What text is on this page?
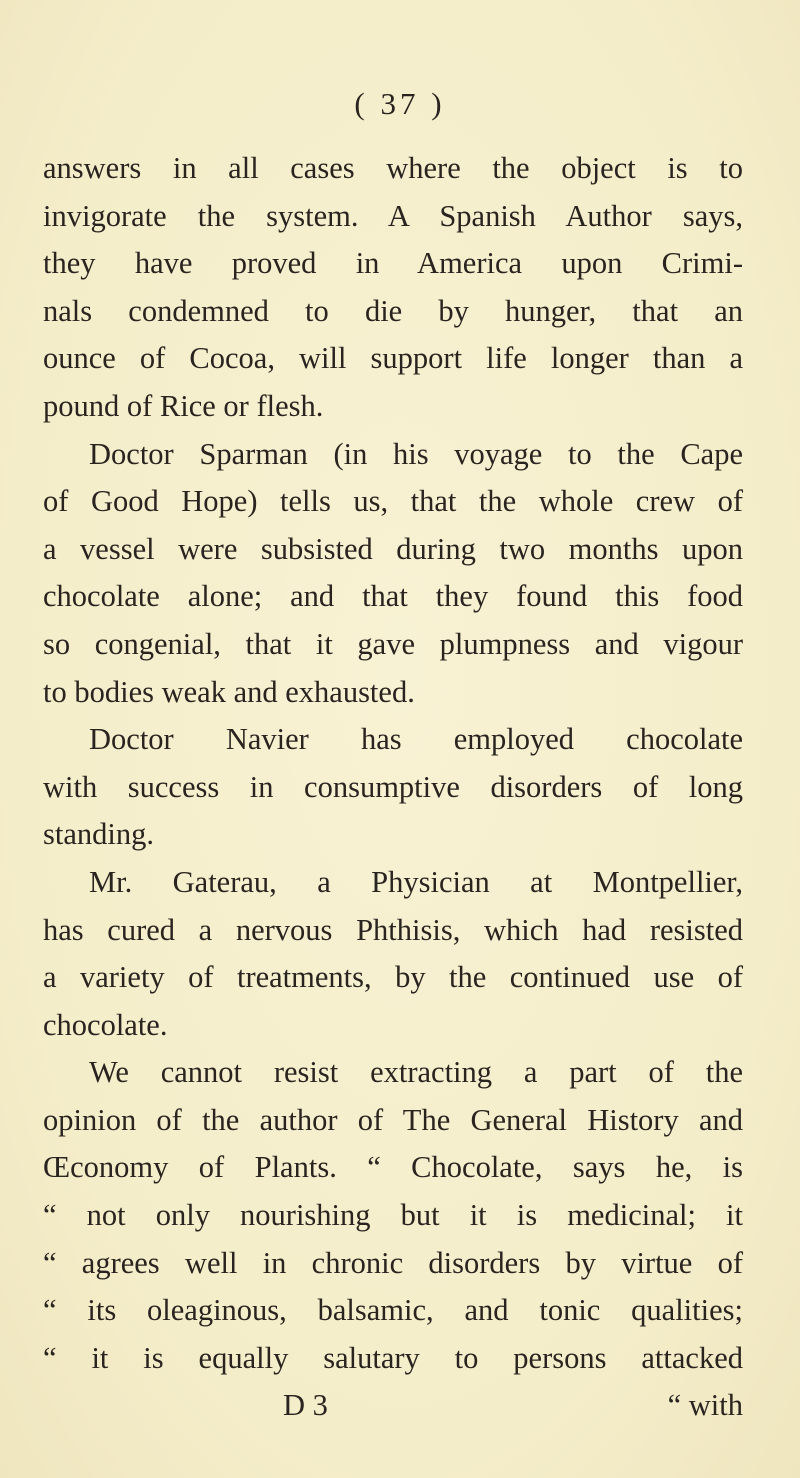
( 37 )
answers in all cases where the object is to
invigorate the system. A Spanish Author says,
they have proved in America upon Crimi-
nals condemned to die by hunger, that an
ounce of Cocoa, will support life longer than a
pound of Rice or flesh.
Doctor Sparman (in his voyage to the Cape
of Good Hope) tells us, that the whole crew of
a vessel were subsisted during two months upon
chocolate alone; and that they found this food
so congenial, that it gave plumpness and vigour
to bodies weak and exhausted.
Doctor Navier has employed chocolate
with success in consumptive disorders of long
standing.
Mr. Gaterau, a Physician at Montpellier,
has cured a nervous Phthisis, which had resisted
a variety of treatments, by the continued use of
chocolate.
We cannot resist extracting a part of the
opinion of the author of The General History and
Œconomy of Plants. “ Chocolate, says he, is
“ not only nourishing but it is medicinal; it
“ agrees well in chronic disorders by virtue of
“ its oleaginous, balsamic, and tonic qualities;
“ it is equally salutary to persons attacked
D 3	“ with
